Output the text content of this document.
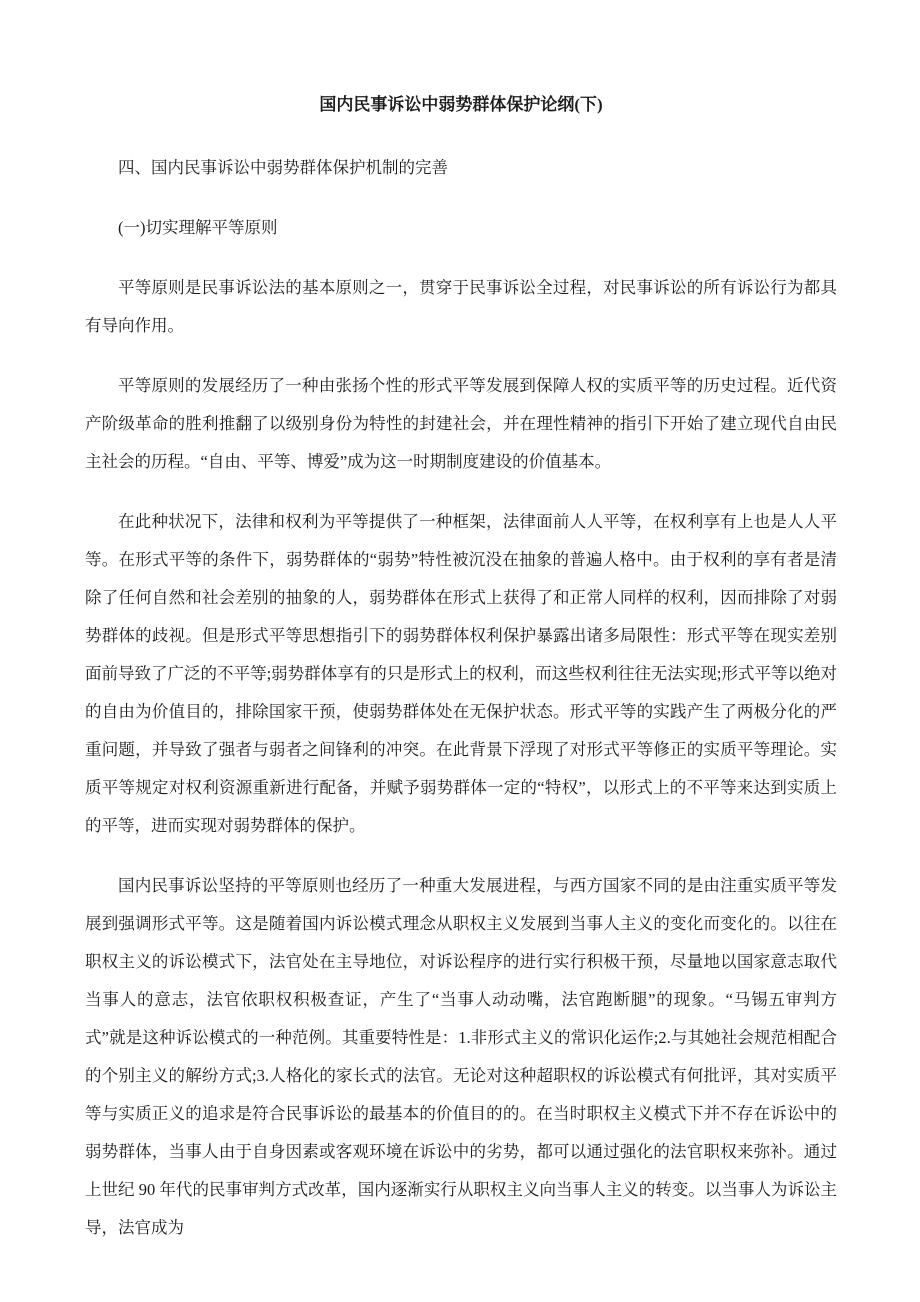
国内民事诉讼中弱势群体保护论纲(下)

四、国内民事诉讼中弱势群体保护机制的完善

(一)切实理解平等原则

平等原则是民事诉讼法的基本原则之一，贯穿于民事诉讼全过程，对民事诉讼的所有诉讼行为都具有导向作用。

平等原则的发展经历了一种由张扬个性的形式平等发展到保障人权的实质平等的历史过程。近代资产阶级革命的胜利推翻了以级别身份为特性的封建社会，并在理性精神的指引下开始了建立现代自由民主社会的历程。“自由、平等、博爱”成为这一时期制度建设的价值基本。

在此种状况下，法律和权利为平等提供了一种框架，法律面前人人平等，在权利享有上也是人人平等。在形式平等的条件下，弱势群体的“弱势”特性被沉没在抽象的普遍人格中。由于权利的享有者是清除了任何自然和社会差别的抽象的人，弱势群体在形式上获得了和正常人同样的权利，因而排除了对弱势群体的歧视。但是形式平等思想指引下的弱势群体权利保护暴露出诸多局限性：形式平等在现实差别面前导致了广泛的不平等;弱势群体享有的只是形式上的权利，而这些权利往往无法实现;形式平等以绝对的自由为价值目的，排除国家干预，使弱势群体处在无保护状态。形式平等的实践产生了两极分化的严重问题，并导致了强者与弱者之间锋利的冲突。在此背景下浮现了对形式平等修正的实质平等理论。实质平等规定对权利资源重新进行配备，并赋予弱势群体一定的“特权”，以形式上的不平等来达到实质上的平等，进而实现对弱势群体的保护。

国内民事诉讼坚持的平等原则也经历了一种重大发展进程，与西方国家不同的是由注重实质平等发展到强调形式平等。这是随着国内诉讼模式理念从职权主义发展到当事人主义的变化而变化的。以往在职权主义的诉讼模式下，法官处在主导地位，对诉讼程序的进行实行积极干预，尽量地以国家意志取代当事人的意志，法官依职权积极查证，产生了“当事人动动嘴，法官跑断腿”的现象。“马锡五审判方式”就是这种诉讼模式的一种范例。其重要特性是：1.非形式主义的常识化运作;2.与其她社会规范相配合的个别主义的解纷方式;3.人格化的家长式的法官。无论对这种超职权的诉讼模式有何批评，其对实质平等与实质正义的追求是符合民事诉讼的最基本的价值目的的。在当时职权主义模式下并不存在诉讼中的弱势群体，当事人由于自身因素或客观环境在诉讼中的劣势，都可以通过强化的法官职权来弥补。通过上世纪 90 年代的民事审判方式改革，国内逐渐实行从职权主义向当事人主义的转变。以当事人为诉讼主导，法官成为
